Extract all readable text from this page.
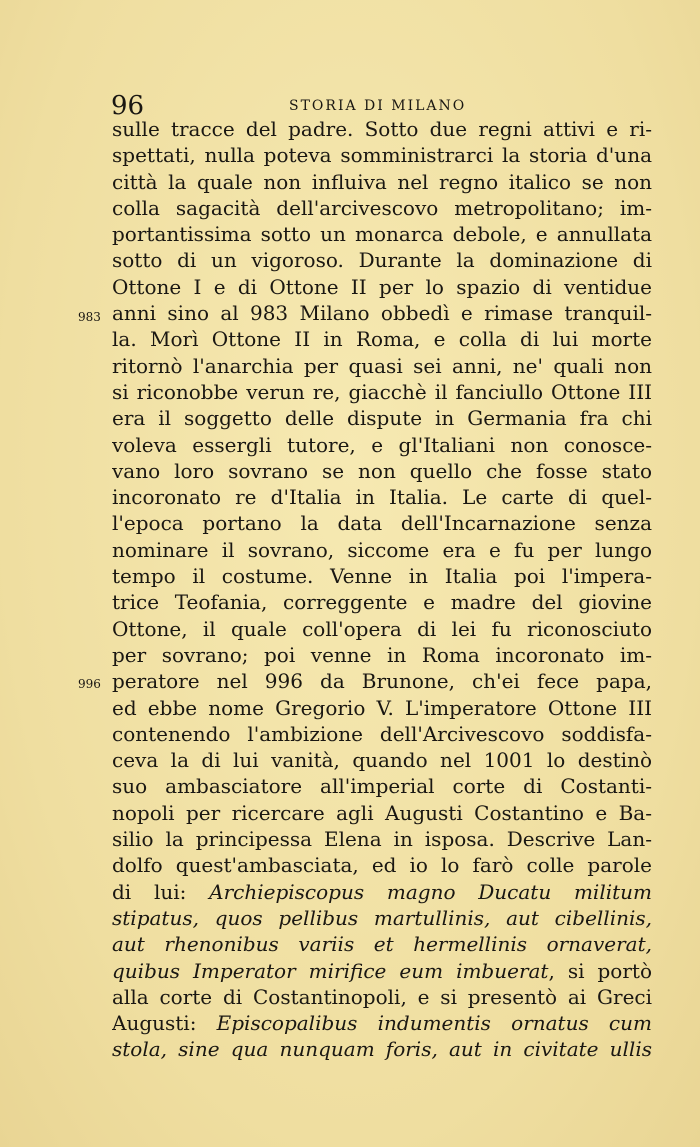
96	STORIA DI MILANO
983
996
sulle tracce del padre. Sotto due regni attivi e ri-
spettati, nulla poteva somministrarci la storia d'una
città la quale non influiva nel regno italico se non
colla sagacità dell'arcivescovo metropolitano; im-
portantissima sotto un monarca debole, e annullata
sotto di un vigoroso. Durante la dominazione di
Ottone I e di Ottone II per lo spazio di ventidue
anni sino al 983 Milano obbedì e rimase tranquil-
la. Morì Ottone II in Roma, e colla di lui morte
ritornò l'anarchia per quasi sei anni, ne' quali non
si riconobbe verun re, giacchè il fanciullo Ottone III
era il soggetto delle dispute in Germania fra chi
voleva essergli tutore, e gl'Italiani non conosce-
vano loro sovrano se non quello che fosse stato
incoronato re d'Italia in Italia. Le carte di quel-
l'epoca portano la data dell'Incarnazione senza
nominare il sovrano, siccome era e fu per lungo
tempo il costume. Venne in Italia poi l'impera-
trice Teofania, correggente e madre del giovine
Ottone, il quale coll'opera di lei fu riconosciuto
per sovrano; poi venne in Roma incoronato im-
peratore nel 996 da Brunone, ch'ei fece papa,
ed ebbe nome Gregorio V. L'imperatore Ottone III
contenendo l'ambizione dell'Arcivescovo soddisfa-
ceva la di lui vanità, quando nel 1001 lo destinò
suo ambasciatore all'imperial corte di Costanti-
nopoli per ricercare agli Augusti Costantino e Ba-
silio la principessa Elena in isposa. Descrive Lan-
dolfo quest'ambasciata, ed io lo farò colle parole
di lui: Archiepiscopus magno Ducatu militum
stipatus, quos pellibus martullinis, aut cibellinis,
aut rhenonibus variis et hermellinis ornaverat,
quibus Imperator mirifice eum imbuerat, si portò
alla corte di Costantinopoli, e si presentò ai Greci
Augusti: Episcopalibus indumentis ornatus cum
stola, sine qua nunquam foris, aut in civitate ullis
